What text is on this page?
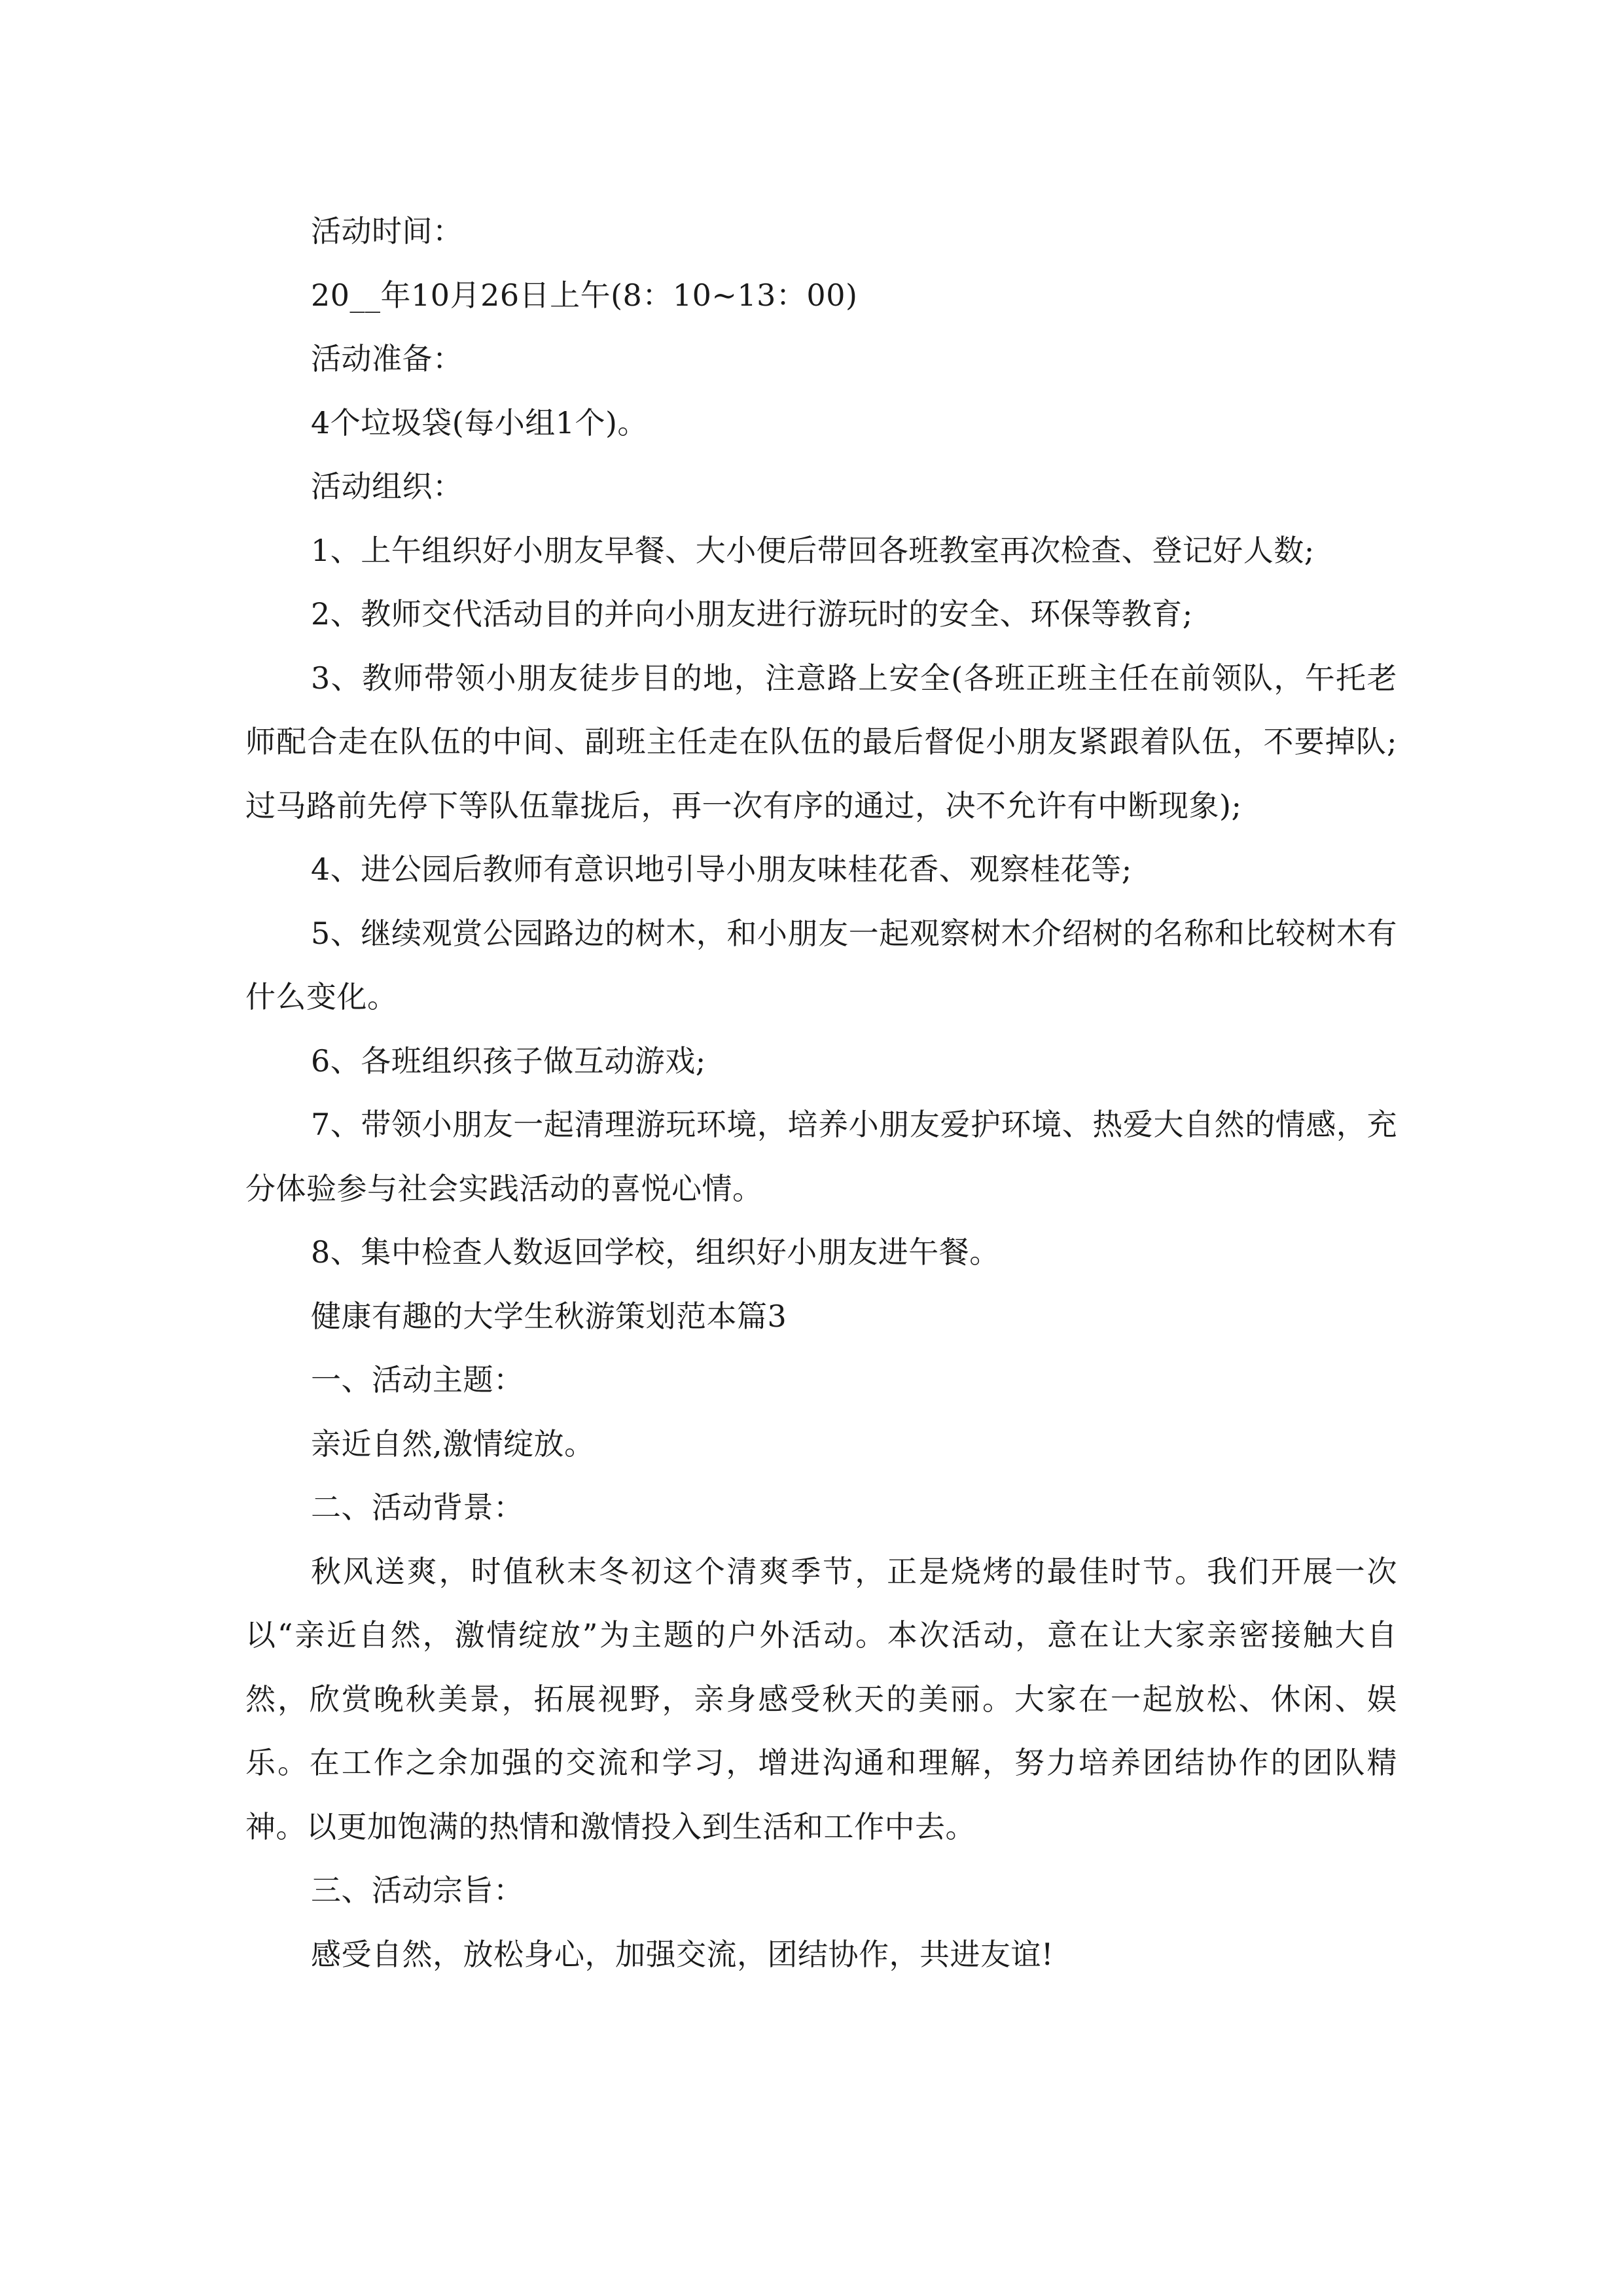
活动时间：

20__年10月26日上午(8：10~13：00)

活动准备：

4个垃圾袋(每小组1个)。

活动组织：

1、上午组织好小朋友早餐、大小便后带回各班教室再次检查、登记好人数;

2、教师交代活动目的并向小朋友进行游玩时的安全、环保等教育;

3、教师带领小朋友徒步目的地，注意路上安全(各班正班主任在前领队，午托老师配合走在队伍的中间、副班主任走在队伍的最后督促小朋友紧跟着队伍，不要掉队;过马路前先停下等队伍靠拢后，再一次有序的通过，决不允许有中断现象);

4、进公园后教师有意识地引导小朋友味桂花香、观察桂花等;

5、继续观赏公园路边的树木，和小朋友一起观察树木介绍树的名称和比较树木有什么变化。

6、各班组织孩子做互动游戏;

7、带领小朋友一起清理游玩环境，培养小朋友爱护环境、热爱大自然的情感，充分体验参与社会实践活动的喜悦心情。

8、集中检查人数返回学校，组织好小朋友进午餐。

健康有趣的大学生秋游策划范本篇3

一、活动主题：

亲近自然,激情绽放。

二、活动背景：

秋风送爽，时值秋末冬初这个清爽季节，正是烧烤的最佳时节。我们开展一次以“亲近自然，激情绽放”为主题的户外活动。本次活动，意在让大家亲密接触大自然，欣赏晚秋美景，拓展视野，亲身感受秋天的美丽。大家在一起放松、休闲、娱乐。在工作之余加强的交流和学习，增进沟通和理解，努力培养团结协作的团队精神。以更加饱满的热情和激情投入到生活和工作中去。

三、活动宗旨：

感受自然，放松身心，加强交流，团结协作，共进友谊!
